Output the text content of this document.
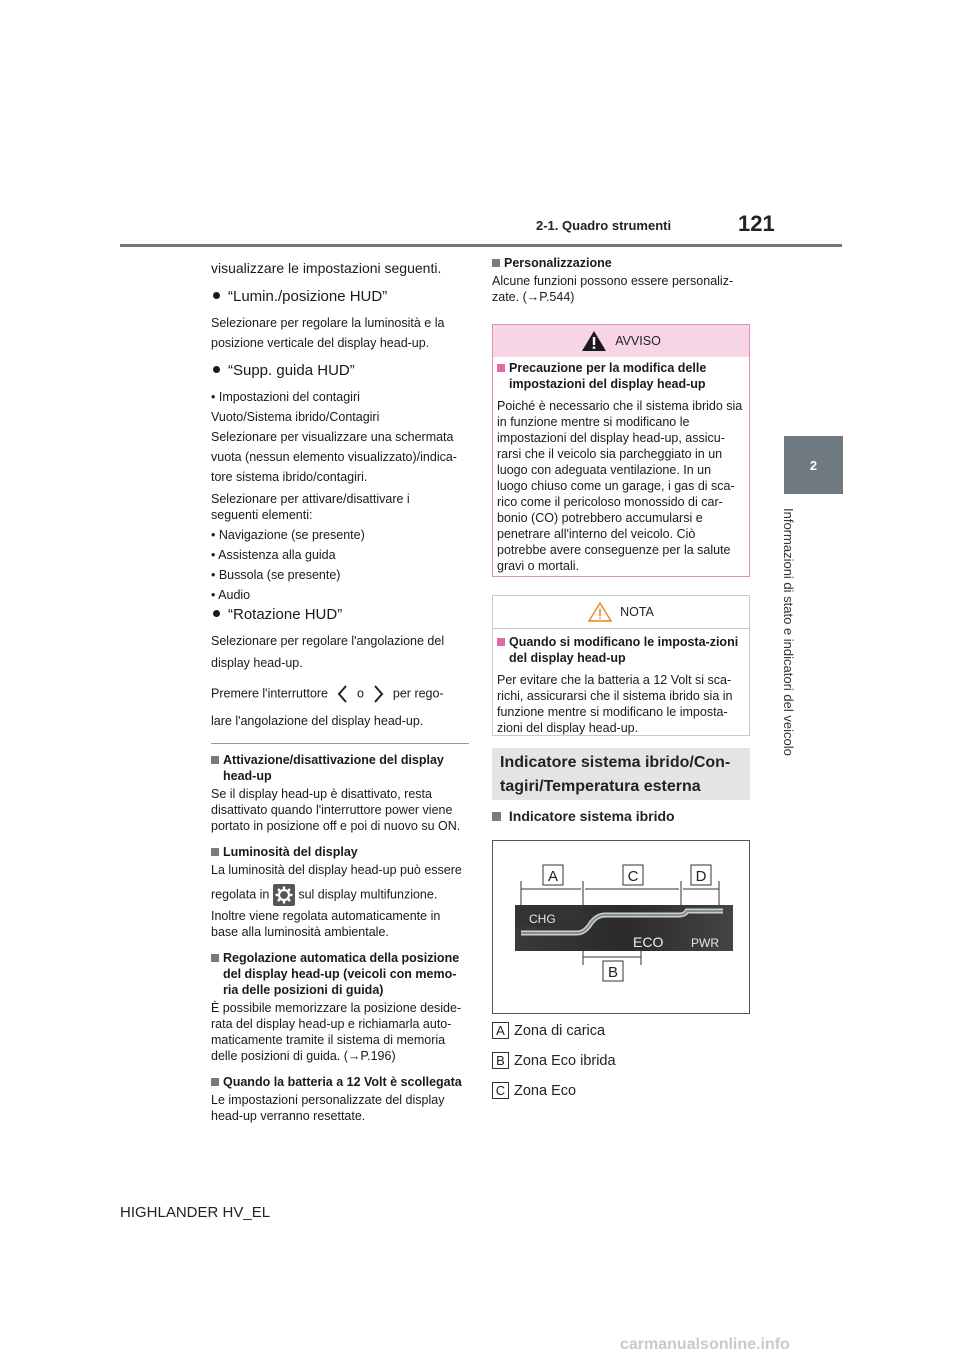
2-1. Quadro strumenti	121
2
Informazioni di stato e indicatori del veicolo

visualizzare le impostazioni seguenti.

“Lumin./posizione HUD”

Selezionare per regolare la luminosità e la

posizione verticale del display head-up.

“Supp. guida HUD”

• Impostazioni del contagiri

Vuoto/Sistema ibrido/Contagiri

Selezionare per visualizzare una schermata

vuota (nessun elemento visualizzato)/indica-

tore sistema ibrido/contagiri.

Selezionare per attivare/disattivare i seguenti elementi:

• Navigazione (se presente)

• Assistenza alla guida

• Bussola (se presente)

• Audio

“Rotazione HUD”

Selezionare per regolare l'angolazione del

display head-up.

Premere l'interruttore o per rego-

lare l'angolazione del display head-up.

Attivazione/disattivazione del display head-up

Se il display head-up è disattivato, resta disattivato quando l'interruttore power viene portato in posizione off e poi di nuovo su ON.

Luminosità del display

La luminosità del display head-up può essere

regolata in sul display multifunzione.

Inoltre viene regolata automaticamente in base alla luminosità ambientale.

Regolazione automatica della posizione del display head-up (veicoli con memo-ria delle posizioni di guida)

È possibile memorizzare la posizione deside-rata del display head-up e richiamarla auto-maticamente tramite il sistema di memoria delle posizioni di guida. (→P.196)

Quando la batteria a 12 Volt è scollegata

Le impostazioni personalizzate del display head-up verranno resettate.

Personalizzazione

Alcune funzioni possono essere personaliz-zate. (→P.544)

AVVISO
Precauzione per la modifica delle impostazioni del display head-up

Poiché è necessario che il sistema ibrido sia in funzione mentre si modificano le impostazioni del display head-up, assicu-rarsi che il veicolo sia parcheggiato in un luogo con adeguata ventilazione. In un luogo chiuso come un garage, i gas di sca-rico come il pericoloso monossido di car-bonio (CO) potrebbero accumularsi e penetrare all'interno del veicolo. Ciò potrebbe avere conseguenze per la salute gravi o mortali.

NOTA
Quando si modificano le imposta-zioni del display head-up

Per evitare che la batteria a 12 Volt si sca-richi, assicurarsi che il sistema ibrido sia in funzione mentre si modificano le imposta-zioni del display head-up.

Indicatore sistema ibrido/Con-tagiri/Temperatura esterna
Indicatore sistema ibrido
A	C	D
B
CHG
ECO PWR
A Zona di carica
B Zona Eco ibrida
C Zona Eco
HIGHLANDER HV_EL
carmanualsonline.info
